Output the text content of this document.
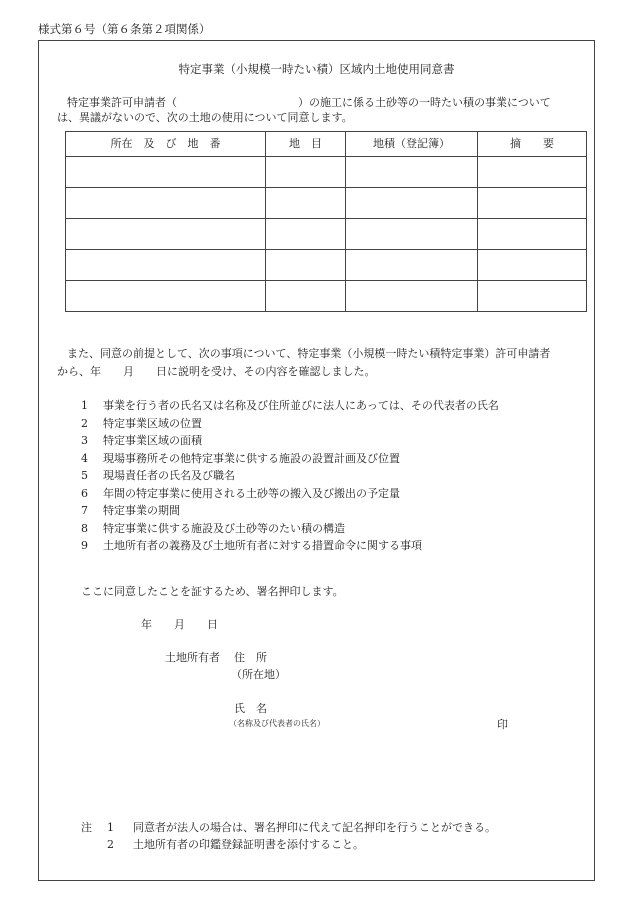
様式第６号（第６条第２項関係）
特定事業（小規模一時たい積）区域内土地使用同意書
特定事業許可申請者（　　　　　　　　　　　）の施工に係る土砂等の一時たい積の事業について
は、異議がないので、次の土地の使用について同意します。
所在　及　び　地　番	地　目	地積（登記簿）	摘　　要

また、同意の前提として、次の事項について、特定事業（小規模一時たい積特定事業）許可申請者
から、年　　月　　日に説明を受け、その内容を確認しました。
1 事業を行う者の氏名又は名称及び住所並びに法人にあっては、その代表者の氏名
2 特定事業区域の位置
3 特定事業区域の面積
4 現場事務所その他特定事業に供する施設の設置計画及び位置
5 現場責任者の氏名及び職名
6 年間の特定事業に使用される土砂等の搬入及び搬出の予定量
7 特定事業の期間
8 特定事業に供する施設及び土砂等のたい積の構造
9 土地所有者の義務及び土地所有者に対する措置命令に関する事項
ここに同意したことを証するため、署名押印します。
年　　月　　日
土地所有者 住　所
（所在地）
氏　名
（名称及び代表者の氏名）	印
注 1 同意者が法人の場合は、署名押印に代えて記名押印を行うことができる。
2 土地所有者の印鑑登録証明書を添付すること。
